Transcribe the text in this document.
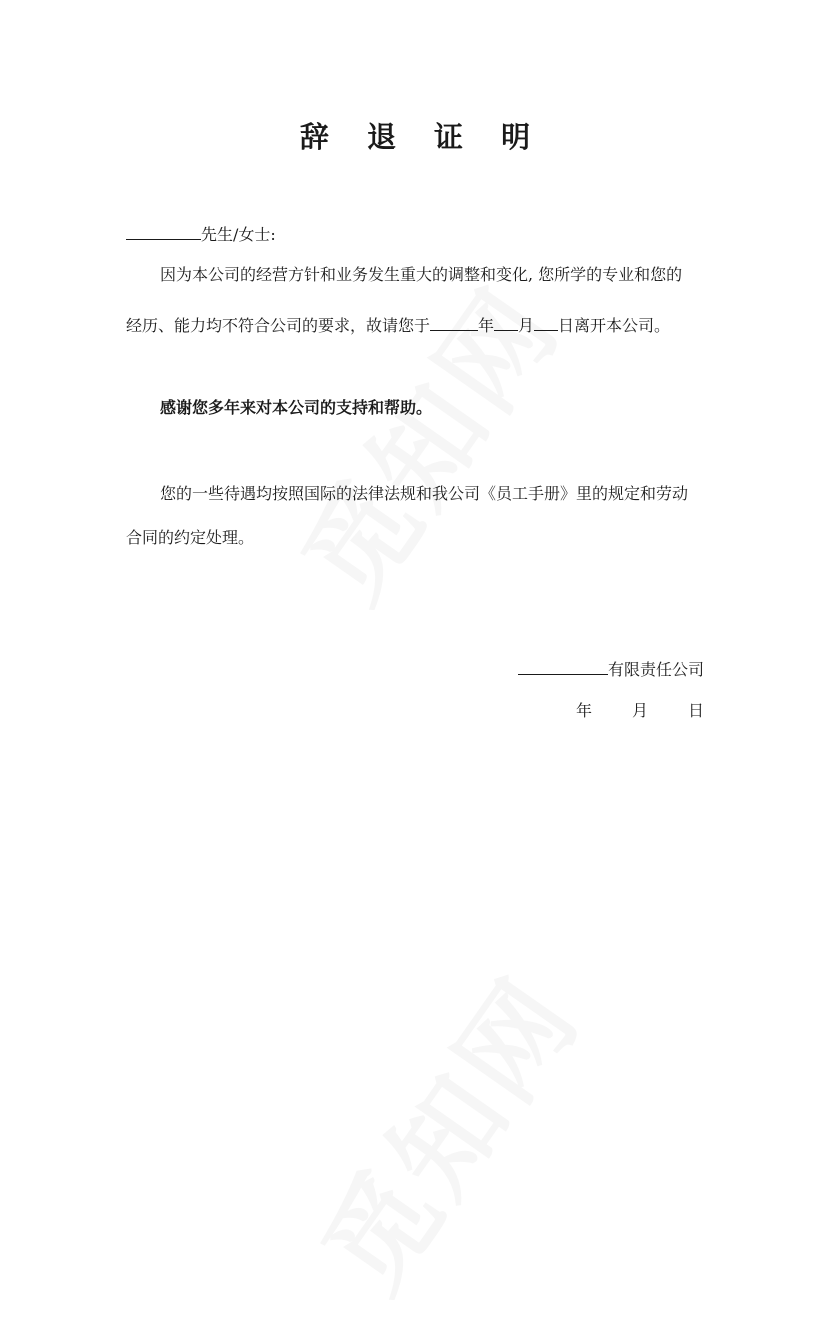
辞 退 证 明
先生/女士:
因为本公司的经营方针和业务发生重大的调整和变化, 您所学的专业和您的
经历、能力均不符合公司的要求，故请您于	年 月 日离开本公司。
感谢您多年来对本公司的支持和帮助。
您的一些待遇均按照国际的法律法规和我公司《员工手册》里的规定和劳动
合同的约定处理。
有限责任公司
年	月	日
